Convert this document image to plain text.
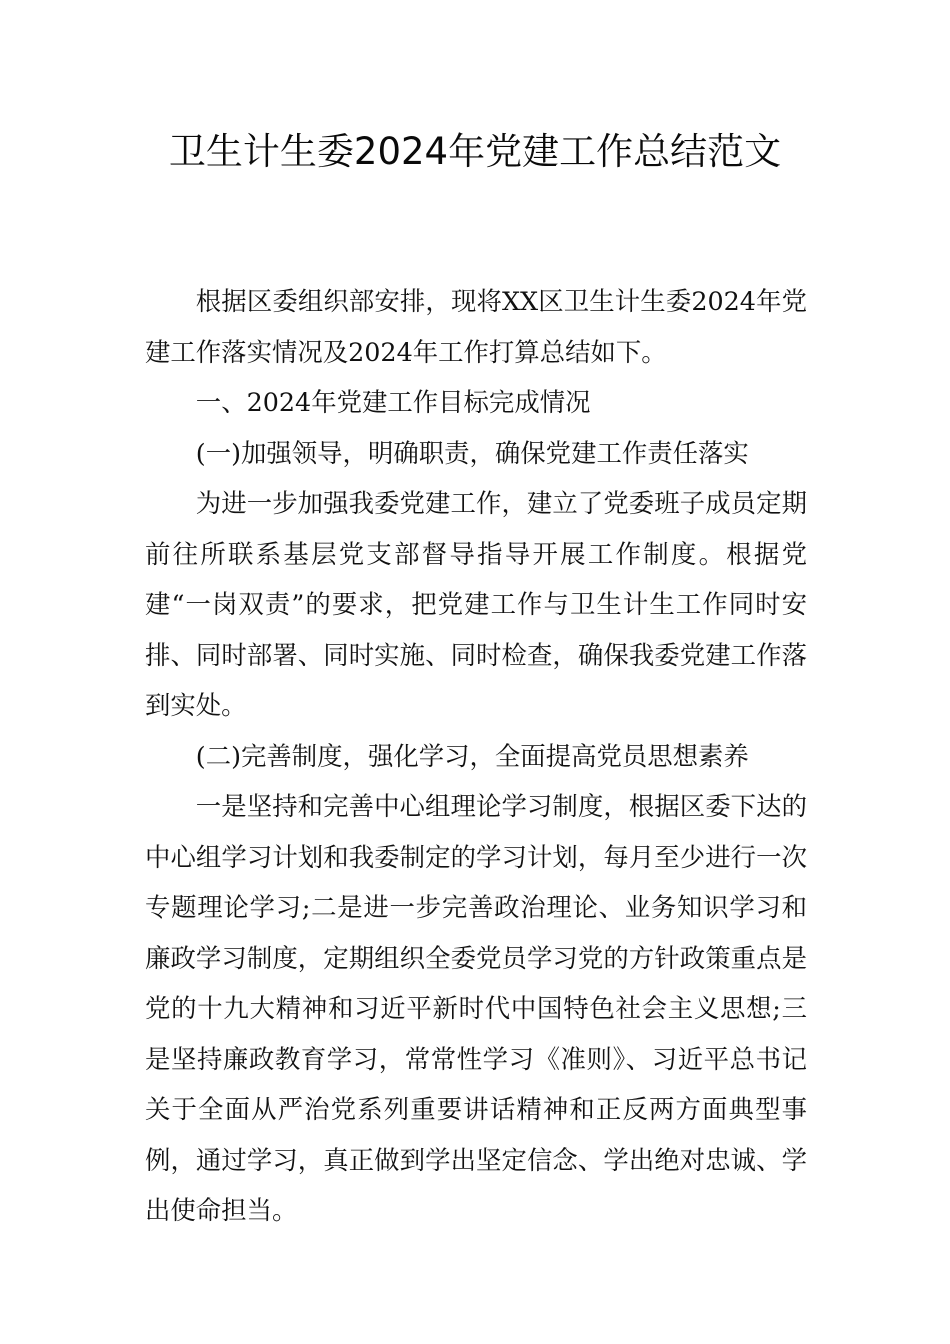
卫生计生委2024年党建工作总结范文

根据区委组织部安排，现将XX区卫生计生委2024年党建工作落实情况及2024年工作打算总结如下。

一、2024年党建工作目标完成情况

(一)加强领导，明确职责，确保党建工作责任落实

为进一步加强我委党建工作，建立了党委班子成员定期前往所联系基层党支部督导指导开展工作制度。根据党建“一岗双责”的要求，把党建工作与卫生计生工作同时安排、同时部署、同时实施、同时检查，确保我委党建工作落到实处。

(二)完善制度，强化学习，全面提高党员思想素养

一是坚持和完善中心组理论学习制度，根据区委下达的中心组学习计划和我委制定的学习计划，每月至少进行一次专题理论学习;二是进一步完善政治理论、业务知识学习和廉政学习制度，定期组织全委党员学习党的方针政策重点是党的十九大精神和习近平新时代中国特色社会主义思想;三是坚持廉政教育学习，常常性学习《准则》、习近平总书记关于全面从严治党系列重要讲话精神和正反两方面典型事例，通过学习，真正做到学出坚定信念、学出绝对忠诚、学出使命担当。
